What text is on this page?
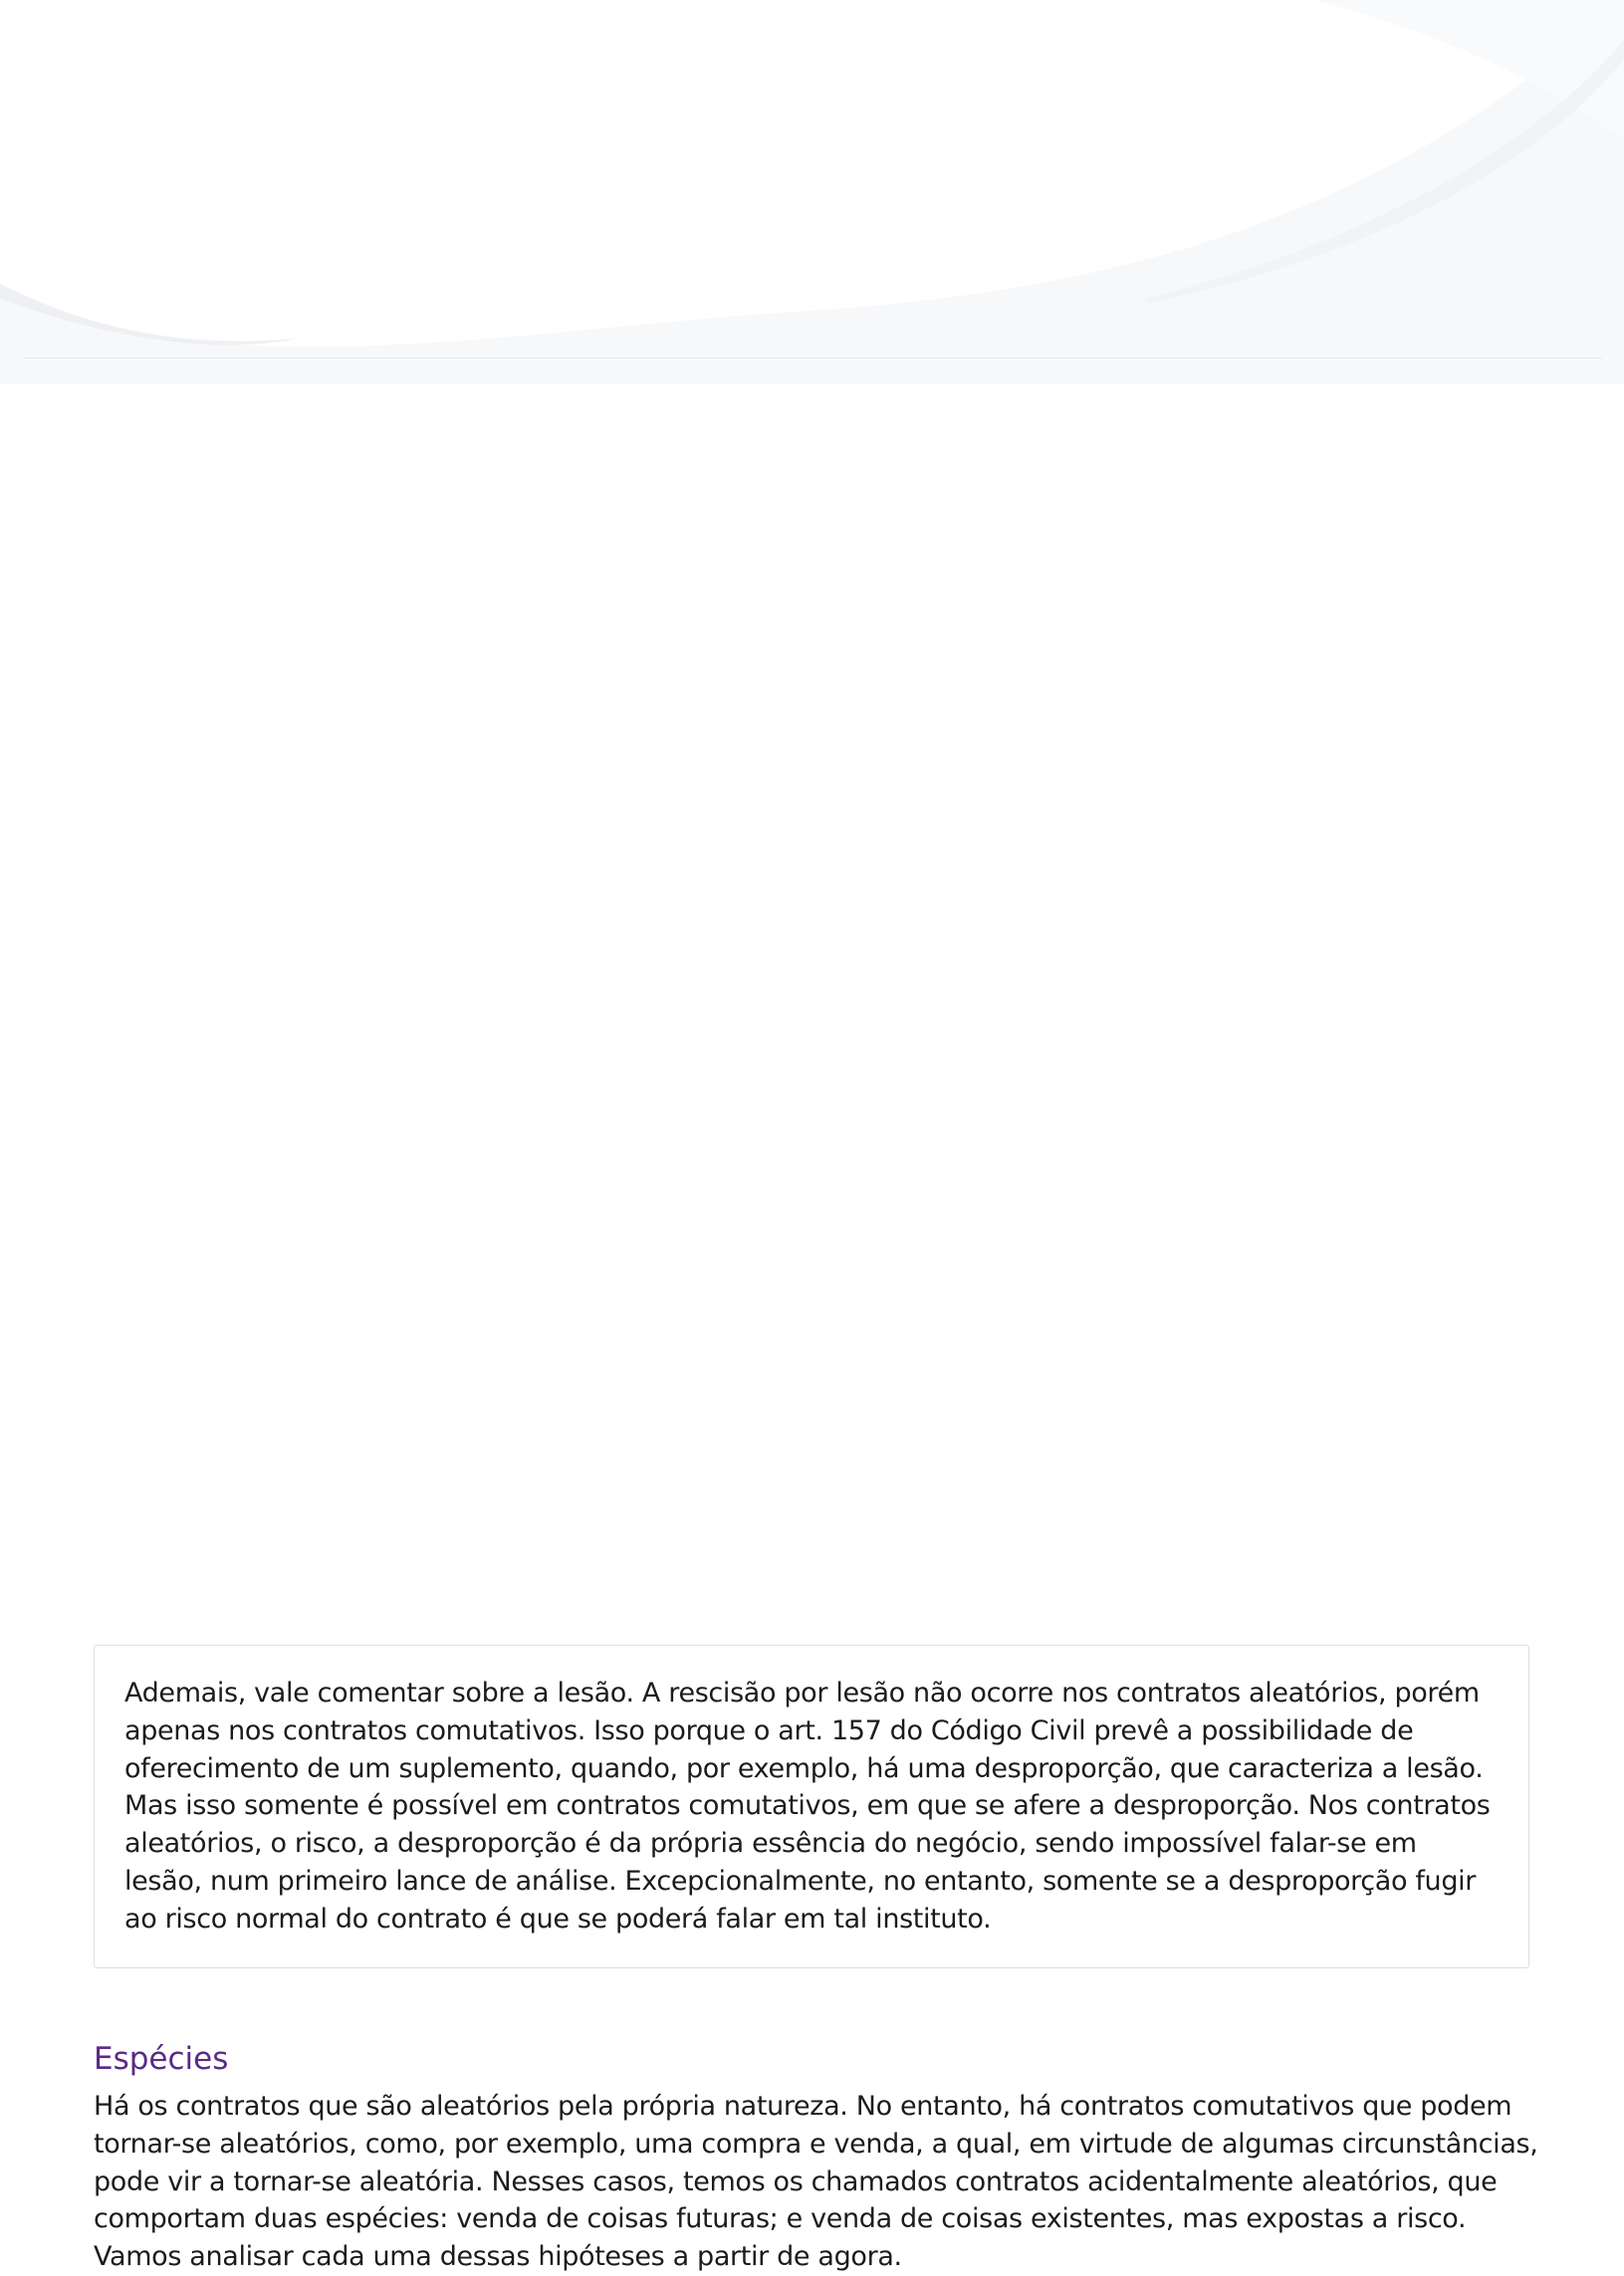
Ademais, vale comentar sobre a lesão. A rescisão por lesão não ocorre nos contratos aleatórios, porém apenas nos contratos comutativos. Isso porque o art. 157 do Código Civil prevê a possibilidade de oferecimento de um suplemento, quando, por exemplo, há uma desproporção, que caracteriza a lesão. Mas isso somente é possível em contratos comutativos, em que se afere a desproporção. Nos contratos aleatórios, o risco, a desproporção é da própria essência do negócio, sendo impossível falar-se em lesão, num primeiro lance de análise. Excepcionalmente, no entanto, somente se a desproporção fugir ao risco normal do contrato é que se poderá falar em tal instituto.

Espécies

Há os contratos que são aleatórios pela própria natureza. No entanto, há contratos comutativos que podem tornar-se aleatórios, como, por exemplo, uma compra e venda, a qual, em virtude de algumas circunstâncias, pode vir a tornar-se aleatória. Nesses casos, temos os chamados contratos acidentalmente aleatórios, que comportam duas espécies: venda de coisas futuras; e venda de coisas existentes, mas expostas a risco. Vamos analisar cada uma dessas hipóteses a partir de agora.
